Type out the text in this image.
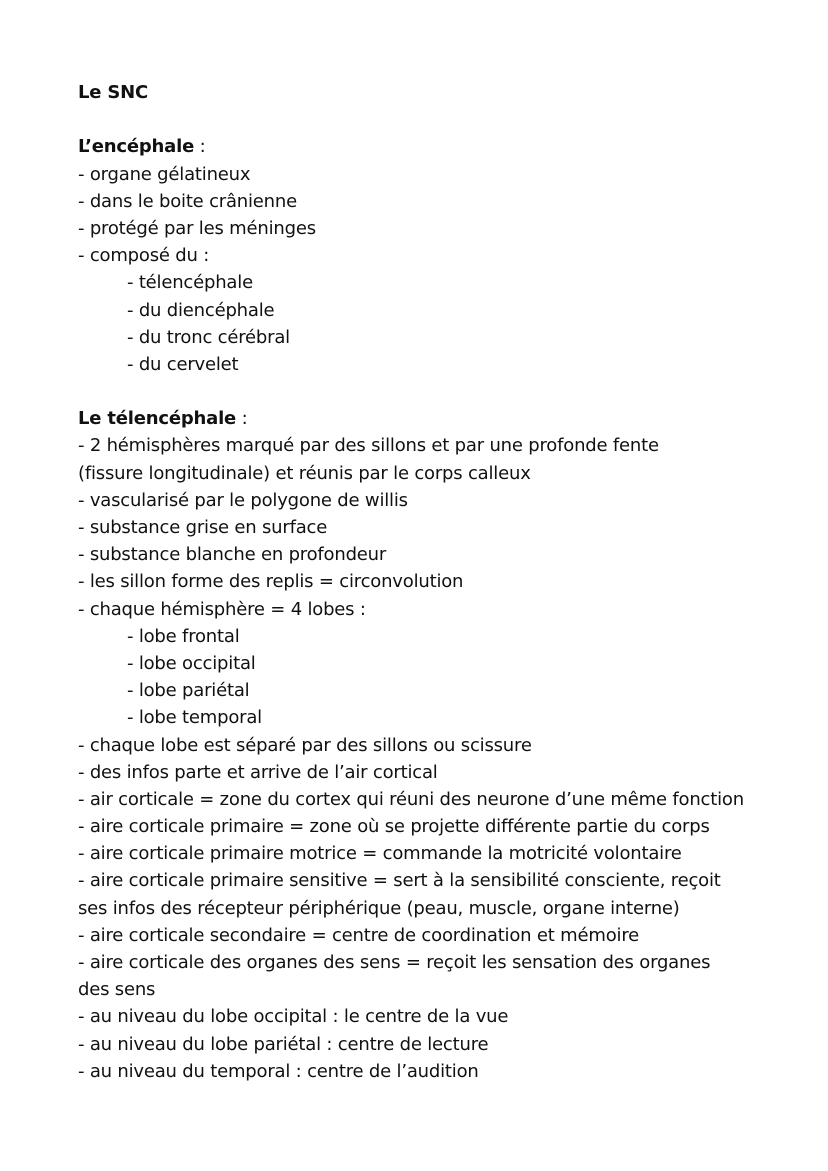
Le SNC
L’encéphale :
- organe gélatineux
- dans le boite crânienne
- protégé par les méninges
- composé du :
- télencéphale
- du diencéphale
- du tronc cérébral
- du cervelet
Le télencéphale :
- 2 hémisphères marqué par des sillons et par une profonde fente
(fissure longitudinale) et réunis par le corps calleux
- vascularisé par le polygone de willis
- substance grise en surface
- substance blanche en profondeur
- les sillon forme des replis = circonvolution
- chaque hémisphère = 4 lobes :
- lobe frontal
- lobe occipital
- lobe pariétal
- lobe temporal
- chaque lobe est séparé par des sillons ou scissure
- des infos parte et arrive de l’air cortical
- air corticale = zone du cortex qui réuni des neurone d’une même fonction
- aire corticale primaire = zone où se projette différente partie du corps
- aire corticale primaire motrice = commande la motricité volontaire
- aire corticale primaire sensitive = sert à la sensibilité consciente, reçoit
ses infos des récepteur périphérique (peau, muscle, organe interne)
- aire corticale secondaire = centre de coordination et mémoire
- aire corticale des organes des sens = reçoit les sensation des organes
des sens
- au niveau du lobe occipital : le centre de la vue
- au niveau du lobe pariétal : centre de lecture
- au niveau du temporal : centre de l’audition
